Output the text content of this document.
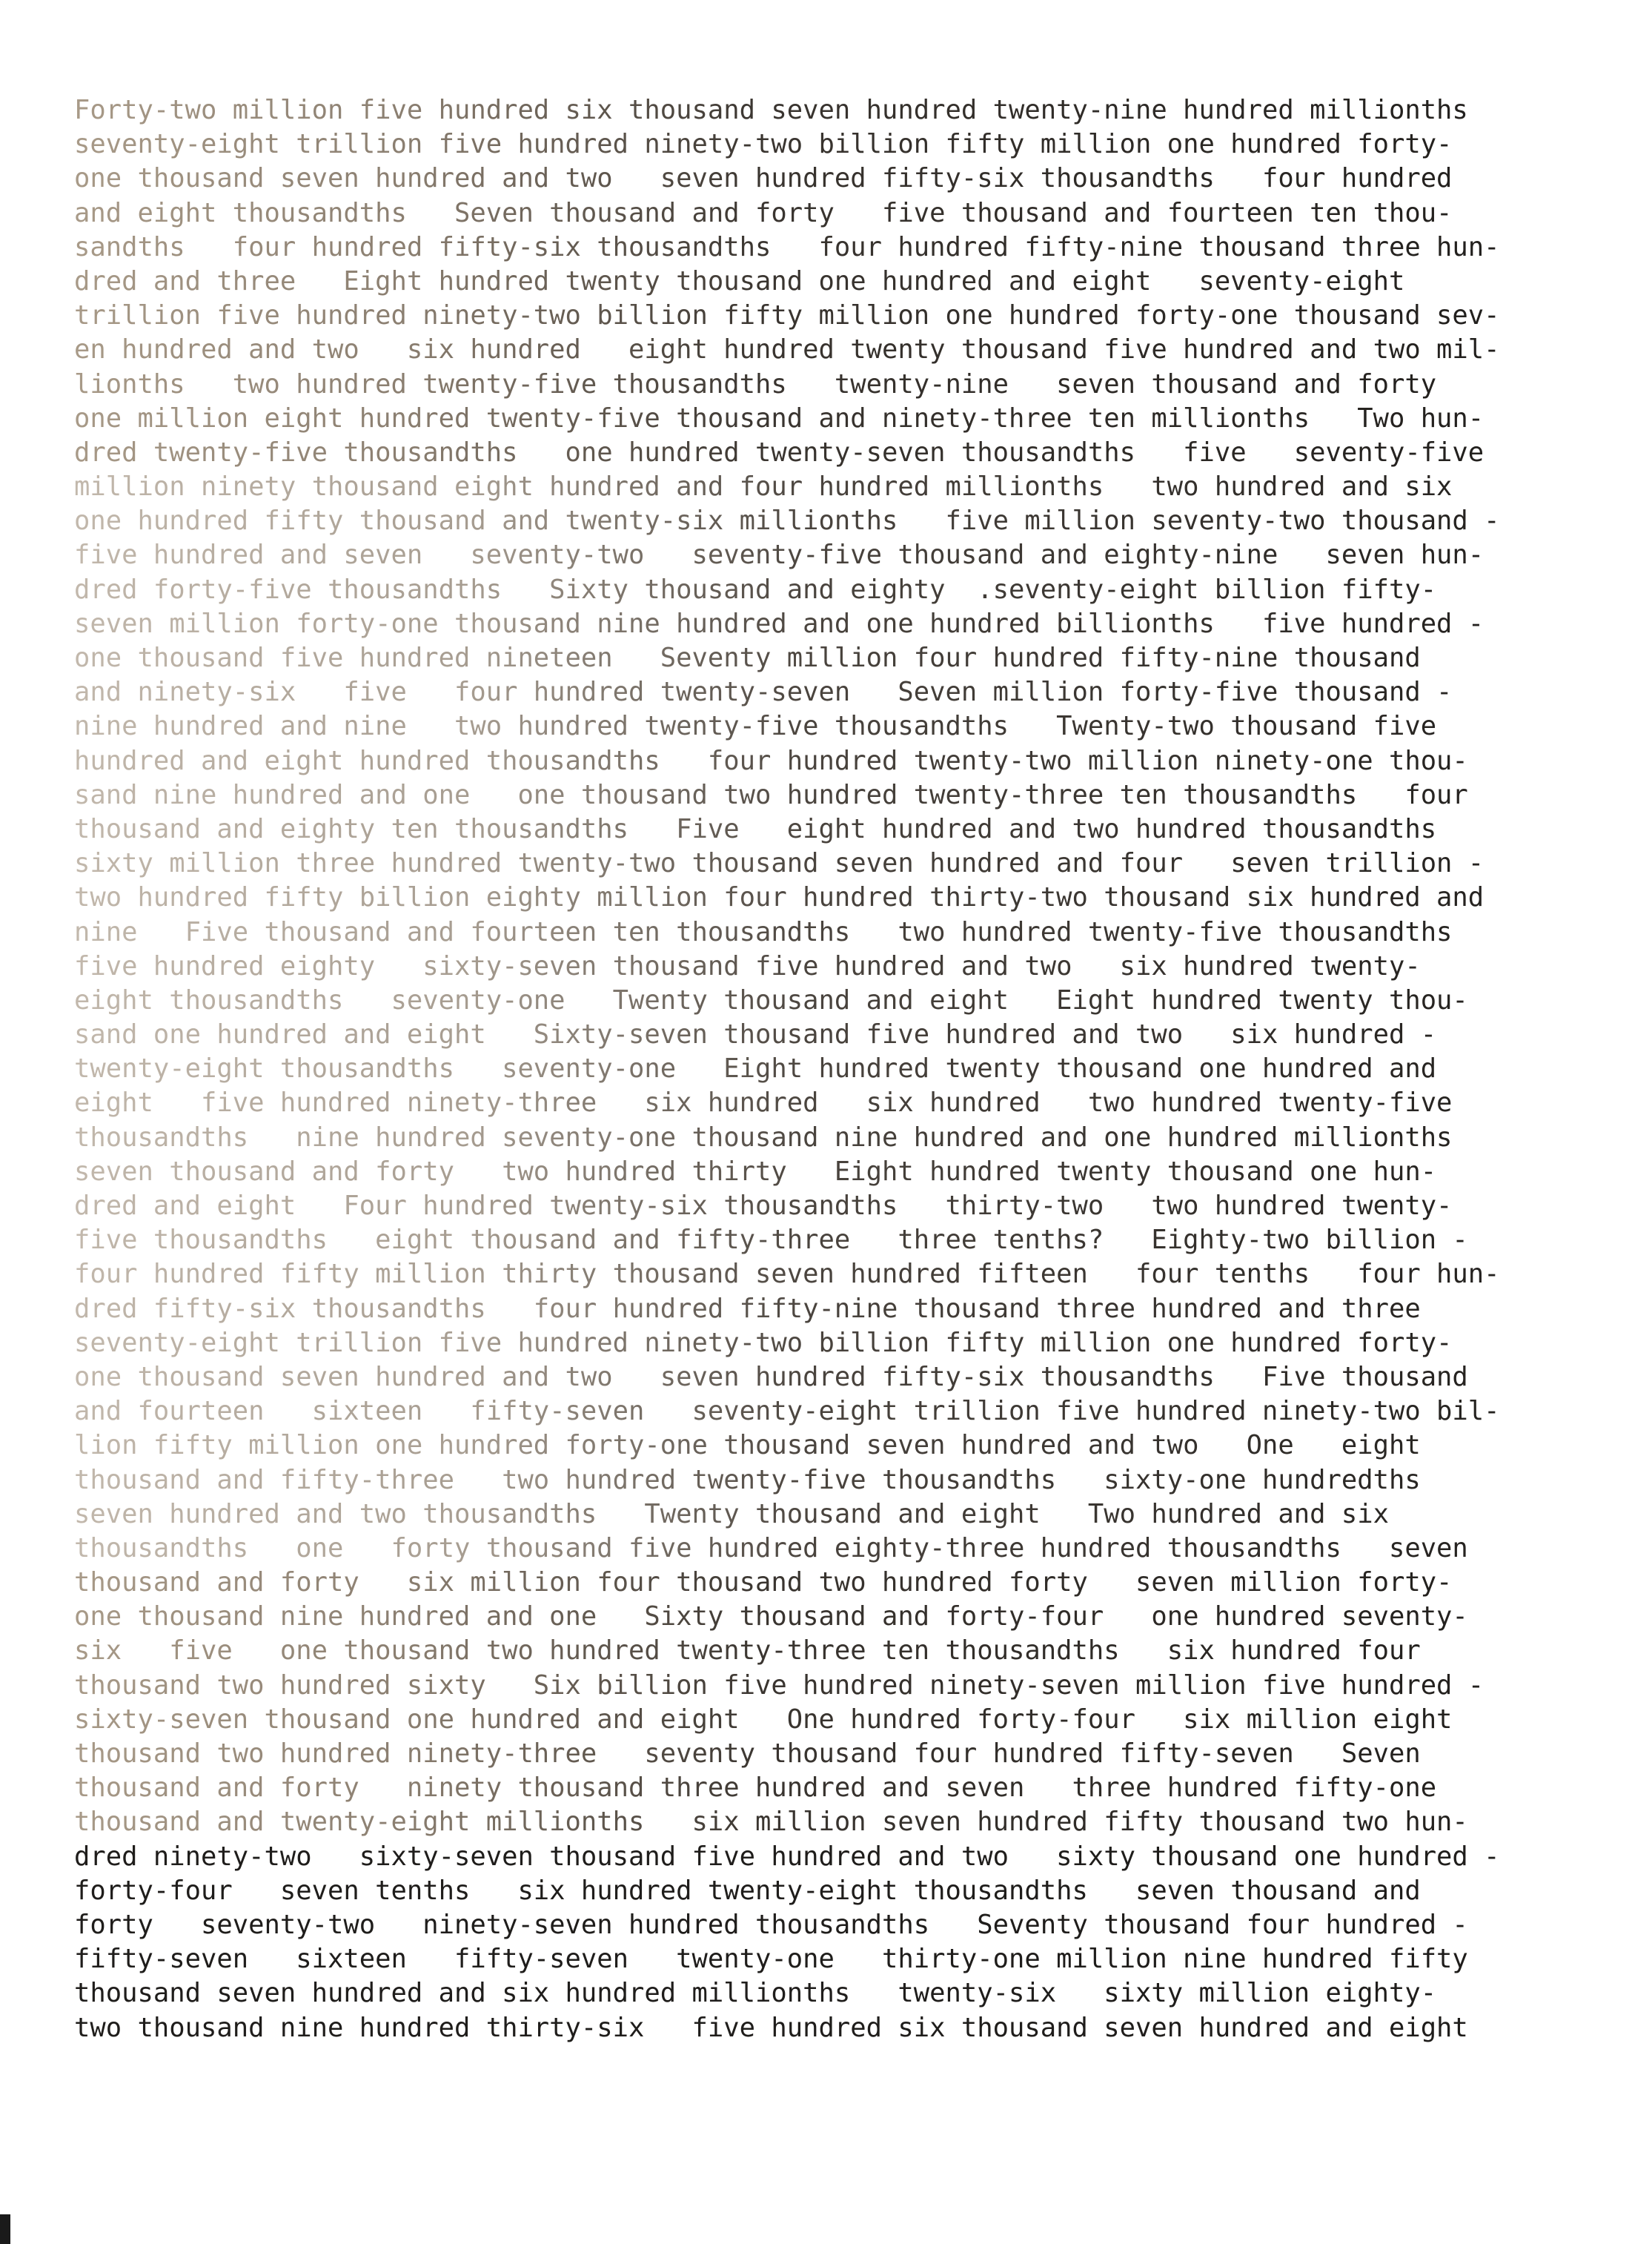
Forty-two million five hundred six thousand seven hundred twenty-nine hundred millionths
seventy-eight trillion five hundred ninety-two billion fifty million one hundred forty-
one thousand seven hundred and two   seven hundred fifty-six thousandths   four hundred
and eight thousandths   Seven thousand and forty   five thousand and fourteen ten thou-
sandths   four hundred fifty-six thousandths   four hundred fifty-nine thousand three hun-
dred and three   Eight hundred twenty thousand one hundred and eight   seventy-eight
trillion five hundred ninety-two billion fifty million one hundred forty-one thousand sev-
en hundred and two   six hundred   eight hundred twenty thousand five hundred and two mil-
lionths   two hundred twenty-five thousandths   twenty-nine   seven thousand and forty
one million eight hundred twenty-five thousand and ninety-three ten millionths   Two hun-
dred twenty-five thousandths   one hundred twenty-seven thousandths   five   seventy-five
million ninety thousand eight hundred and four hundred millionths   two hundred and six
one hundred fifty thousand and twenty-six millionths   five million seventy-two thousand -
five hundred and seven   seventy-two   seventy-five thousand and eighty-nine   seven hun-
dred forty-five thousandths   Sixty thousand and eighty  .seventy-eight billion fifty-
seven million forty-one thousand nine hundred and one hundred billionths   five hundred -
one thousand five hundred nineteen   Seventy million four hundred fifty-nine thousand
and ninety-six   five   four hundred twenty-seven   Seven million forty-five thousand -
nine hundred and nine   two hundred twenty-five thousandths   Twenty-two thousand five
hundred and eight hundred thousandths   four hundred twenty-two million ninety-one thou-
sand nine hundred and one   one thousand two hundred twenty-three ten thousandths   four
thousand and eighty ten thousandths   Five   eight hundred and two hundred thousandths
sixty million three hundred twenty-two thousand seven hundred and four   seven trillion -
two hundred fifty billion eighty million four hundred thirty-two thousand six hundred and
nine   Five thousand and fourteen ten thousandths   two hundred twenty-five thousandths
five hundred eighty   sixty-seven thousand five hundred and two   six hundred twenty-
eight thousandths   seventy-one   Twenty thousand and eight   Eight hundred twenty thou-
sand one hundred and eight   Sixty-seven thousand five hundred and two   six hundred -
twenty-eight thousandths   seventy-one   Eight hundred twenty thousand one hundred and
eight   five hundred ninety-three   six hundred   six hundred   two hundred twenty-five
thousandths   nine hundred seventy-one thousand nine hundred and one hundred millionths
seven thousand and forty   two hundred thirty   Eight hundred twenty thousand one hun-
dred and eight   Four hundred twenty-six thousandths   thirty-two   two hundred twenty-
five thousandths   eight thousand and fifty-three   three tenths?   Eighty-two billion -
four hundred fifty million thirty thousand seven hundred fifteen   four tenths   four hun-
dred fifty-six thousandths   four hundred fifty-nine thousand three hundred and three
seventy-eight trillion five hundred ninety-two billion fifty million one hundred forty-
one thousand seven hundred and two   seven hundred fifty-six thousandths   Five thousand
and fourteen   sixteen   fifty-seven   seventy-eight trillion five hundred ninety-two bil-
lion fifty million one hundred forty-one thousand seven hundred and two   One   eight
thousand and fifty-three   two hundred twenty-five thousandths   sixty-one hundredths
seven hundred and two thousandths   Twenty thousand and eight   Two hundred and six
thousandths   one   forty thousand five hundred eighty-three hundred thousandths   seven
thousand and forty   six million four thousand two hundred forty   seven million forty-
one thousand nine hundred and one   Sixty thousand and forty-four   one hundred seventy-
six   five   one thousand two hundred twenty-three ten thousandths   six hundred four
thousand two hundred sixty   Six billion five hundred ninety-seven million five hundred -
sixty-seven thousand one hundred and eight   One hundred forty-four   six million eight
thousand two hundred ninety-three   seventy thousand four hundred fifty-seven   Seven
thousand and forty   ninety thousand three hundred and seven   three hundred fifty-one
thousand and twenty-eight millionths   six million seven hundred fifty thousand two hun-
dred ninety-two   sixty-seven thousand five hundred and two   sixty thousand one hundred -
forty-four   seven tenths   six hundred twenty-eight thousandths   seven thousand and
forty   seventy-two   ninety-seven hundred thousandths   Seventy thousand four hundred -
fifty-seven   sixteen   fifty-seven   twenty-one   thirty-one million nine hundred fifty
thousand seven hundred and six hundred millionths   twenty-six   sixty million eighty-
two thousand nine hundred thirty-six   five hundred six thousand seven hundred and eight
